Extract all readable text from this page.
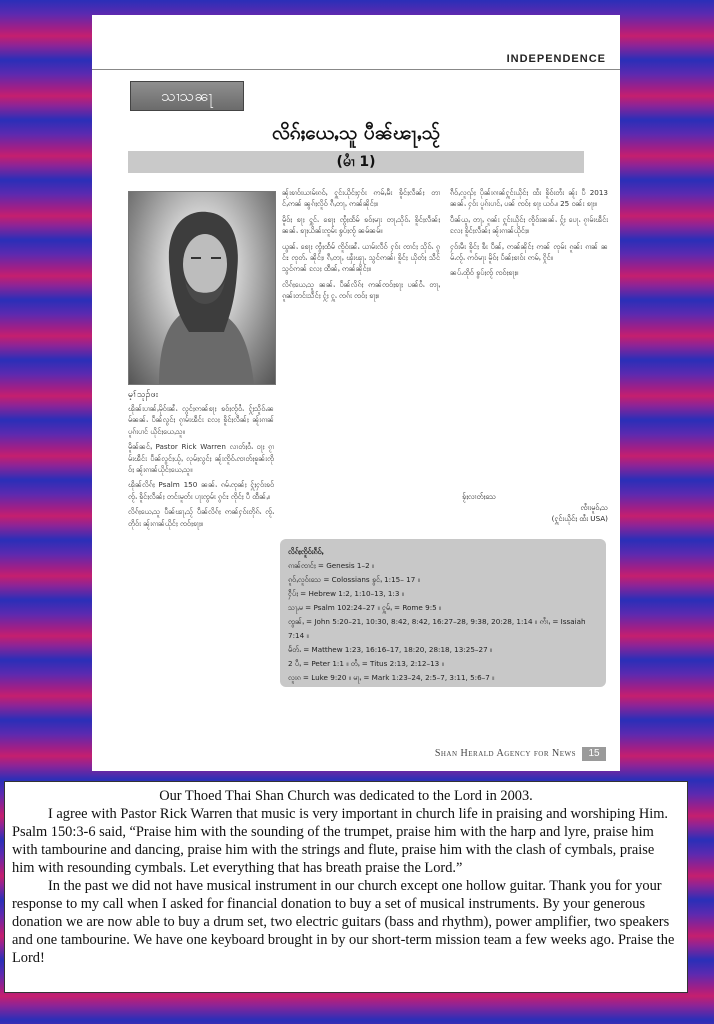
INDEPENDENCE
သၢသၼႃ
လိၵ်ႈယေႇသူ ပီၼ်ၽႃႇသႂ်
(မၢႆ 1)
မ့ၢ်သုၣ်ဖး

ၽိုၼ်းပၢၼ်ႇမိုဝ်းၼႆႉ လွင်ႈဢၼ်ၶႃႈ ၶဝ်ႈၸႂ်ဝႆႉ ႁႂ်ႈသိူဝ်ႉၼမ်ၼၼ်ႉ ပဵၼ်လွင်ႈ ၵႂၢမ်းၽဵင်း လႄႈ ၶိူင်ႈလဵၼ်ႈ ၼႂ်းၵၢၼ်ပူၵ်းပၢင် ယိုင်ႈယေႇသူ။

မိူၼ်ၼင်ႇ Pastor Rick Warren လၢတ်ႈဝႆႉ ဝႃႈ ၵႂၢမ်းၽဵင်း ပဵၼ်လွင်ႈယႂ်ႇ လုမ်ႈလွင်ႈ ၼႂ်းၸိူဝ်ႉၸၢတ်ႈၶူၼ်းၸိုဝ်ႈ ၼႂ်းၵၢၼ်ယိုင်ႈယေႇသူ။

ၽိုၼ်လိၵ်ႈ Psalm 150 ၼၼ်ႉ ၵမ်ႉၸုၼ်ႈ ႁႂ်ႈႁဝ်းၶဝ် ၸႂ်ႉ ၶိူင်ႈလဵၼ်ႈ တင်းမူတ်း ပႃးၸွမ်း ၵွင်ႊ ၸိုင်ႈ ပီ ထဵၼ်ႇ။

လိၵ်ႈယေႇသူ ပီၼ်ၽႃႇသႂ် ပဵၼ်လိၵ်ႈ ဢၼ်ႁဝ်းတိုၵ်ႉ ၸႂ်ႉတိုဝ်း ၼႂ်းၵၢၼ်ယိုင်ႈ ၸဝ်ႈၶႃႈ။

ၼႂ်းၶၢဝ်းယၢမ်းၵဝ်ႇ ႁူင်းယိုင်ႈႁဝ်း ဢမ်ႇမီး ၶိူင်ႈလဵၼ်ႈ တၢင်ႇဢၼ် ၼွၵ်ႈလိူဝ် ၵီႇတႃႇ ဢၼ်ၼိုင်ႈ။

မိူဝ်ႈ ၶႃႈ ႁွင်ႉ ၶေႃႈ ၸွႆႈထႅမ် ၶဝ်ႈမႃး တႃႇသိုဝ်ႉ ၶိူင်ႈလဵၼ်ႈ ၼၼ်ႉ ၶႃႈယိၼ်းၸူမ်း ၶွပ်ႈၸႂ် ၼမ်ၼမ်။

ယွၼ်ႉ ၶေႃႈ ၸွႆႈထႅမ် ၸိူဝ်းၼႆႉ ယၢမ်းလဵဝ် ႁဝ်း ၸၢင်ႈ သိုဝ်ႉ ၵွင်ႊ ၸုတ်ႉ ၼိုင်ႈ၊ ၵီႇတႃႇ ၾႆးၾႃႉ သွင်ဢၼ်၊ ၶိူင်ႈ ယိုတ်ႈ သဵင် သွင်ဢၼ် လႄႈ ထဵၼ်ႇ ဢၼ်ၼိုင်ႈ။

လိၵ်ႈယေႇသူ ၼၼ်ႉ ပဵၼ်လိၵ်ႈ ဢၼ်ၸဝ်ႈၶႃႈ ပၼ်ဝႆႉ တႃႇ ၵူၼ်းတင်းသဵင်ႈ ႁႂ်ႈ ႁူႉ ၸၵ်း ၸဝ်ႈ ၶႃႈ။

ၵဵဝ်ႇလူၺ်ႈ ပိုၼ်းၵၢၼ်ႁူင်းယိုင်ႈ ထႆး ၶိူဝ်းတႆး ၼႂ်း ပီ 2013 ၼၼ်ႉ ႁဝ်း ပူၵ်းပၢင်ႇ ပၼ် ၸဝ်ႈ ၶႃႈ ယဝ်ႉ။ 25 ဝၼ်း ၶႃႈ။

ပဵၼ်ယူႇ တႃႇ ၵူၼ်း ႁူင်းယိုင်ႈ ၸိူဝ်းၼၼ်ႉ ႁႂ်ႈ ပေႃႉ ၵႂၢမ်းၽဵင်း လႄႈ ၶိူင်ႈလဵၼ်ႈ ၼႂ်းၵၢၼ်ယိုင်ႈ။

ႁဝ်းမီး ၶိူင်ႈ ၶီး ပဵၼ်ႇ ဢၼ်ၼိုင်ႈ ဢၼ် ၸုမ်း ၵူၼ်း ၵၢၼ် ၼမ်ႉၸႂ်ႉ ဢဝ်မႃး မိူဝ်ႈ ပႅၼ်ႈၶၢဝ်း ဢမ်ႇ ႁိုင်။

ၼပ်ႉထိုဝ် ၶွပ်ႈၸႂ် ၸဝ်ႈၶႃႈ။

ၶႂ်ႈလၢတ်ႈသေ
ၸၢႆးမူဝ်ႇသ
(ႁူင်းယိုင်ႈ ထႆး USA)
လိၵ်ႈၸိူဝ်းၵဵဝ်ႇ
ၵၢၼ်ၸၢင်ႈ = Genesis 1–2 ။
ၵူဝ်ႇလူဝ်းသေ = Colossians ၶွင်ႇ 1:15– 17 ။
ႁဵပ်ႈ = Hebrew 1:2, 1:10–13, 1:3 ။
သႃႇမ = Psalm 102:24–27 ။ ႁူမ်ႇ = Rome 9:5 ။
ၸွၼ်ႇ = John 5:20–21, 10:30, 8:42, 8:42, 16:27–28, 9:38, 20:28, 1:14 ။ ဢၢႆႇ = Issaiah 7:14 ။
မႅတ်ႉ = Matthew 1:23, 16:16–17, 18:20, 28:18, 13:25–27 ။
2 ပီႇ = Peter 1:1 ။ တႆႇ = Titus 2:13, 2:12–13 ။
လူးၵ = Luke 9:20 ။ မႃႇ = Mark 1:23–24, 2:5–7, 3:11, 5:6–7 ။
Shan Herald Agency for News	15

Our Thoed Thai Shan Church was dedicated to the Lord in 2003.

I agree with Pastor Rick Warren that music is very important in church life in praising and worshiping Him. Psalm 150:3-6 said, “Praise him with the sounding of the trumpet, praise him with the harp and lyre, praise him with tambourine and dancing, praise him with the strings and flute, praise him with the clash of cymbals, praise him with resounding cymbals. Let everything that has breath praise the Lord.”

In the past we did not have musical instrument in our church except one hollow guitar. Thank you for your response to my call when I asked for financial donation to buy a set of musical instruments. By your generous donation we are now able to buy a drum set, two electric guitars (bass and rhythm), power amplifier, two speakers and one tambourine. We have one keyboard brought in by our short-term mission team a few weeks ago. Praise the Lord!
